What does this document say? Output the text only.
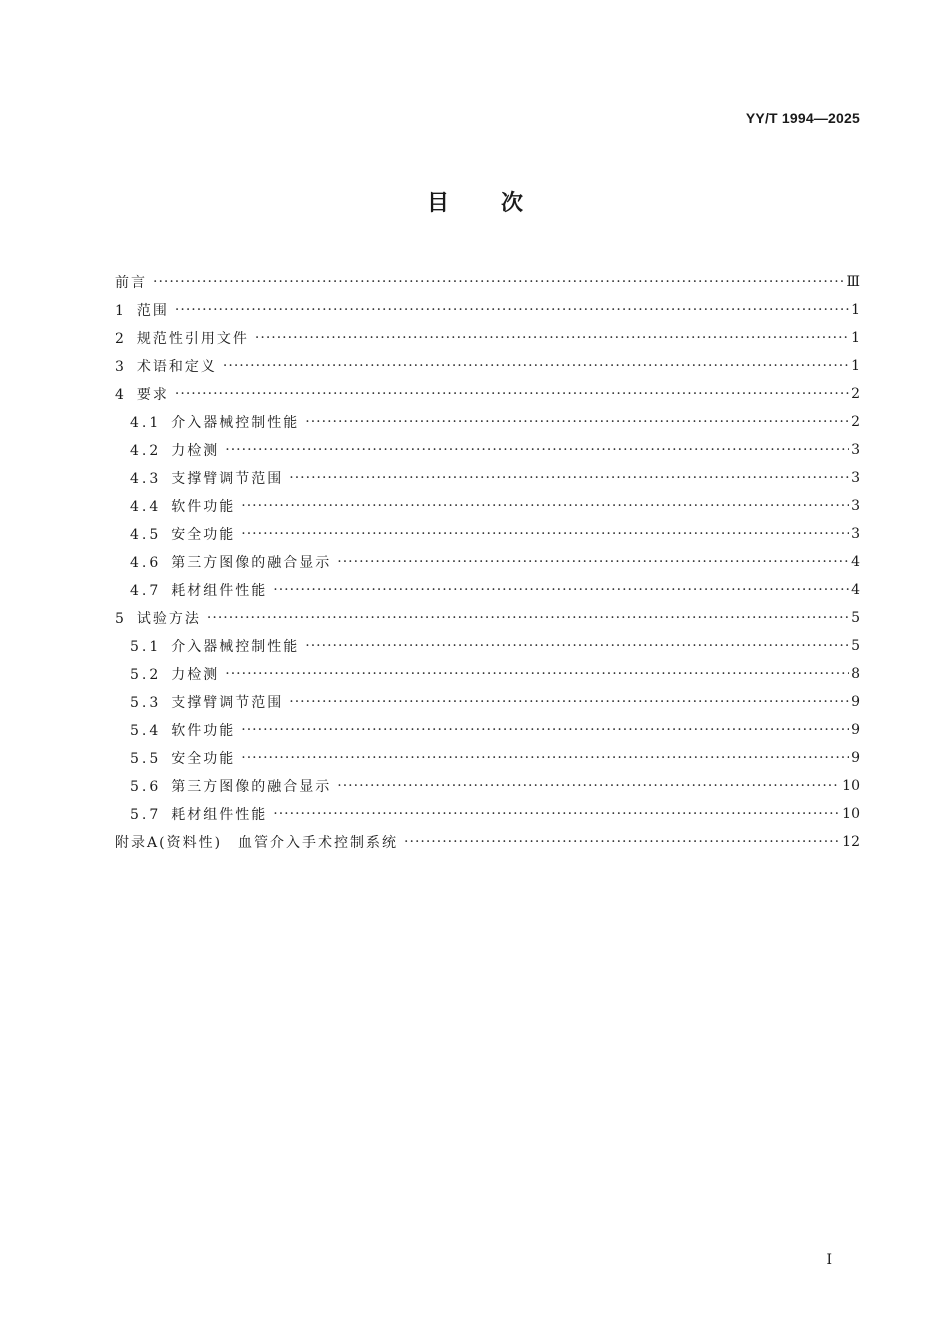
YY/T 1994—2025
目次
前言 ·····	Ⅲ
1 范围 ·····	1
2 规范性引用文件 ·····	1
3 术语和定义 ·····	1
4 要求 ·····	2
4.1 介入器械控制性能 ·····	2
4.2 力检测 ·····	3
4.3 支撑臂调节范围 ·····	3
4.4 软件功能 ·····	3
4.5 安全功能 ·····	3
4.6 第三方图像的融合显示 ·····	4
4.7 耗材组件性能 ·····	4
5 试验方法 ·····	5
5.1 介入器械控制性能 ·····	5
5.2 力检测 ·····	8
5.3 支撑臂调节范围 ·····	9
5.4 软件功能 ·····	9
5.5 安全功能 ·····	9
5.6 第三方图像的融合显示 ·····	10
5.7 耗材组件性能 ·····	10
附录A(资料性)　血管介入手术控制系统 ·····	12
Ⅰ
